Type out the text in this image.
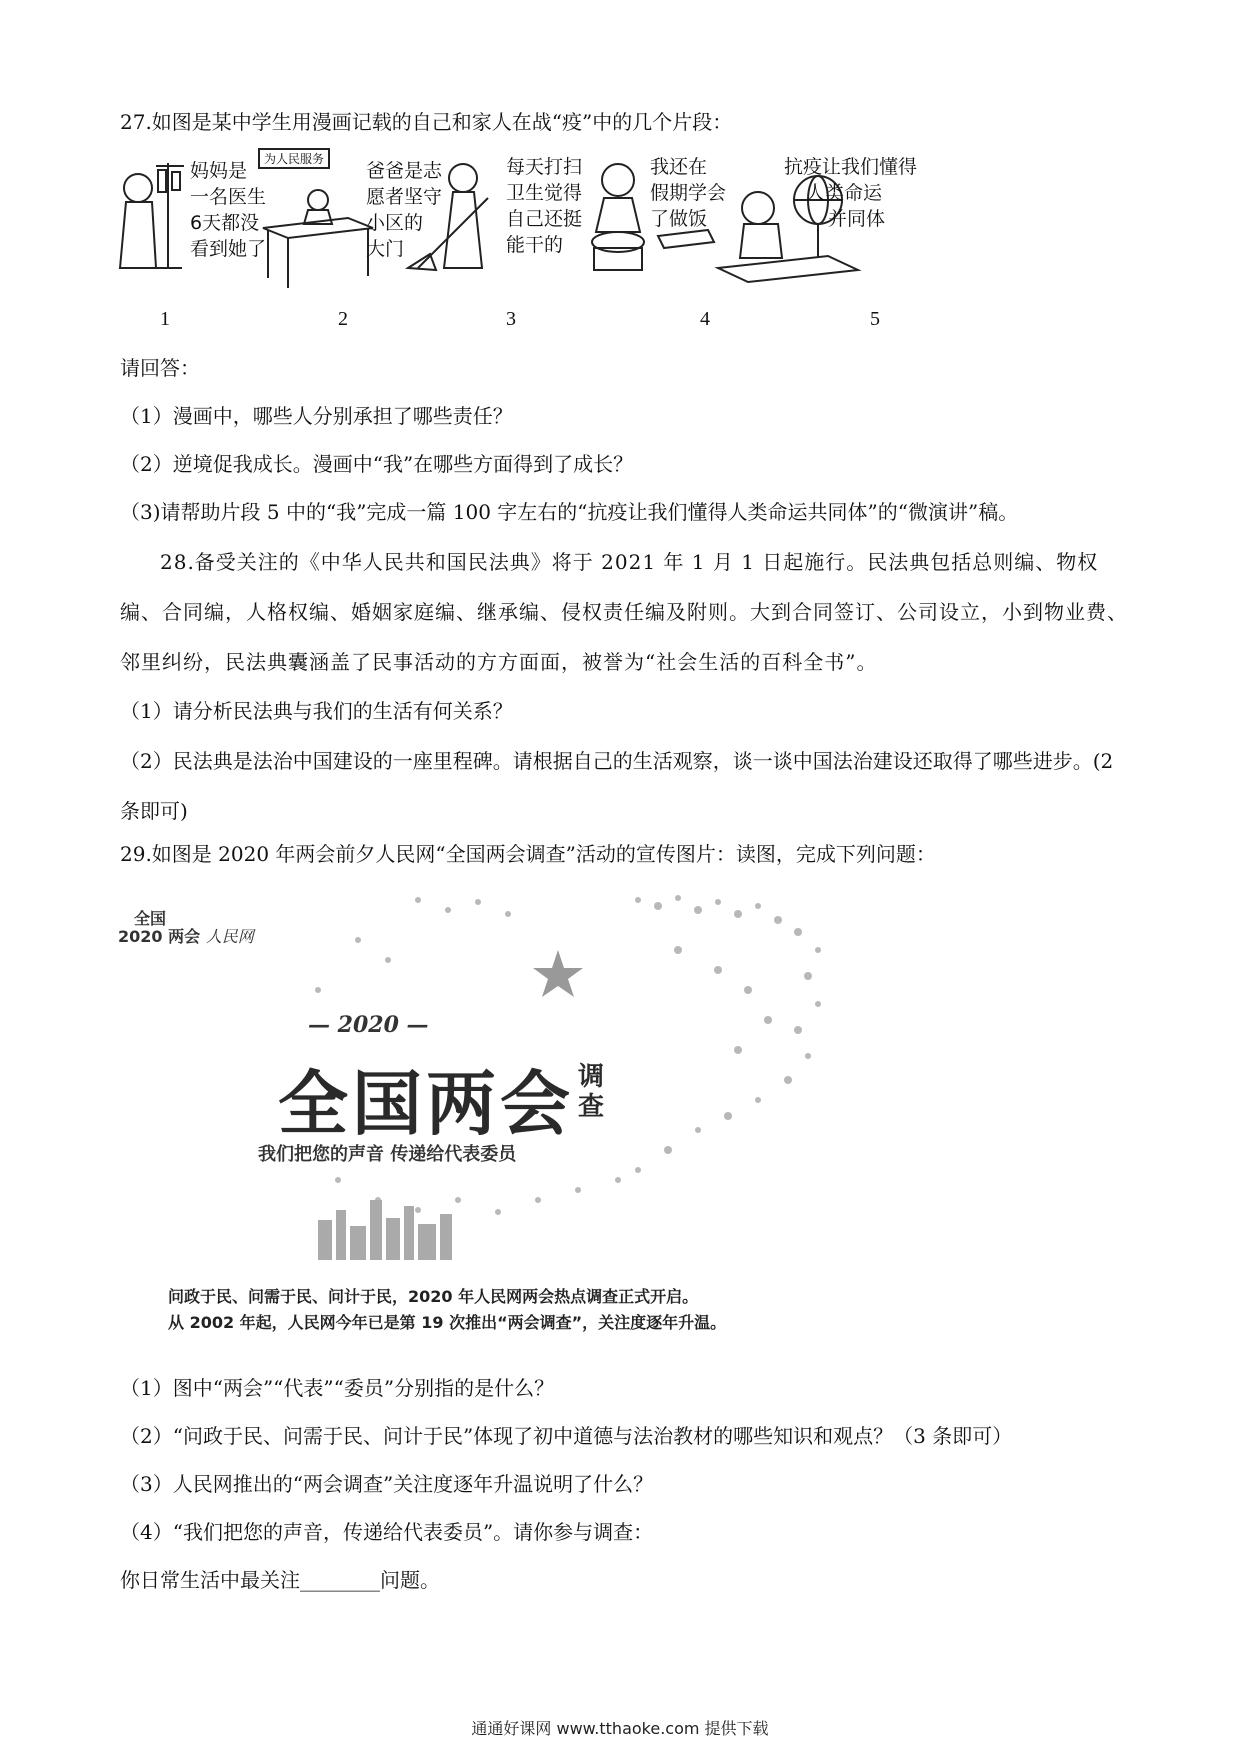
27.如图是某中学生用漫画记载的自己和家人在战“疫”中的几个片段：
妈妈是
一名医生
6天都没
看到她了
为人民服务
爸爸是志
愿者坚守
小区的
大门
每天打扫
卫生觉得
自己还挺
能干的
我还在
假期学会
了做饭
抗疫让我们懂得
人类命运
并同体
1	2	3	4	5
请回答：
（1）漫画中，哪些人分别承担了哪些责任？
（2）逆境促我成长。漫画中“我”在哪些方面得到了成长？
（3)请帮助片段 5 中的“我”完成一篇 100 字左右的“抗疫让我们懂得人类命运共同体”的“微演讲”稿。
28.备受关注的《中华人民共和国民法典》将于 2021 年 1 月 1 日起施行。民法典包括总则编、物权编、合同编，人格权编、婚姻家庭编、继承编、侵权责任编及附则。大到合同签订、公司设立，小到物业费、邻里纠纷，民法典囊涵盖了民事活动的方方面面，被誉为“社会生活的百科全书”。
（1）请分析民法典与我们的生活有何关系？
（2）民法典是法治中国建设的一座里程碑。请根据自己的生活观察，谈一谈中国法治建设还取得了哪些进步。(2 条即可)
29.如图是 2020 年两会前夕人民网“全国两会调查”活动的宣传图片：读图，完成下列问题：
全国
2020 两会 人民网
— 2020 —
全国两会 调
查
我们把您的声音 传递给代表委员
问政于民、问需于民、问计于民，2020 年人民网两会热点调查正式开启。
从 2002 年起，人民网今年已是第 19 次推出“两会调查”，关注度逐年升温。
（1）图中“两会”“代表”“委员”分别指的是什么？
（2）“问政于民、问需于民、问计于民”体现了初中道德与法治教材的哪些知识和观点？（3 条即可）
（3）人民网推出的“两会调查”关注度逐年升温说明了什么？
（4）“我们把您的声音，传递给代表委员”。请你参与调查：
你日常生活中最关注________问题。
通通好课网 www.tthaoke.com 提供下载
